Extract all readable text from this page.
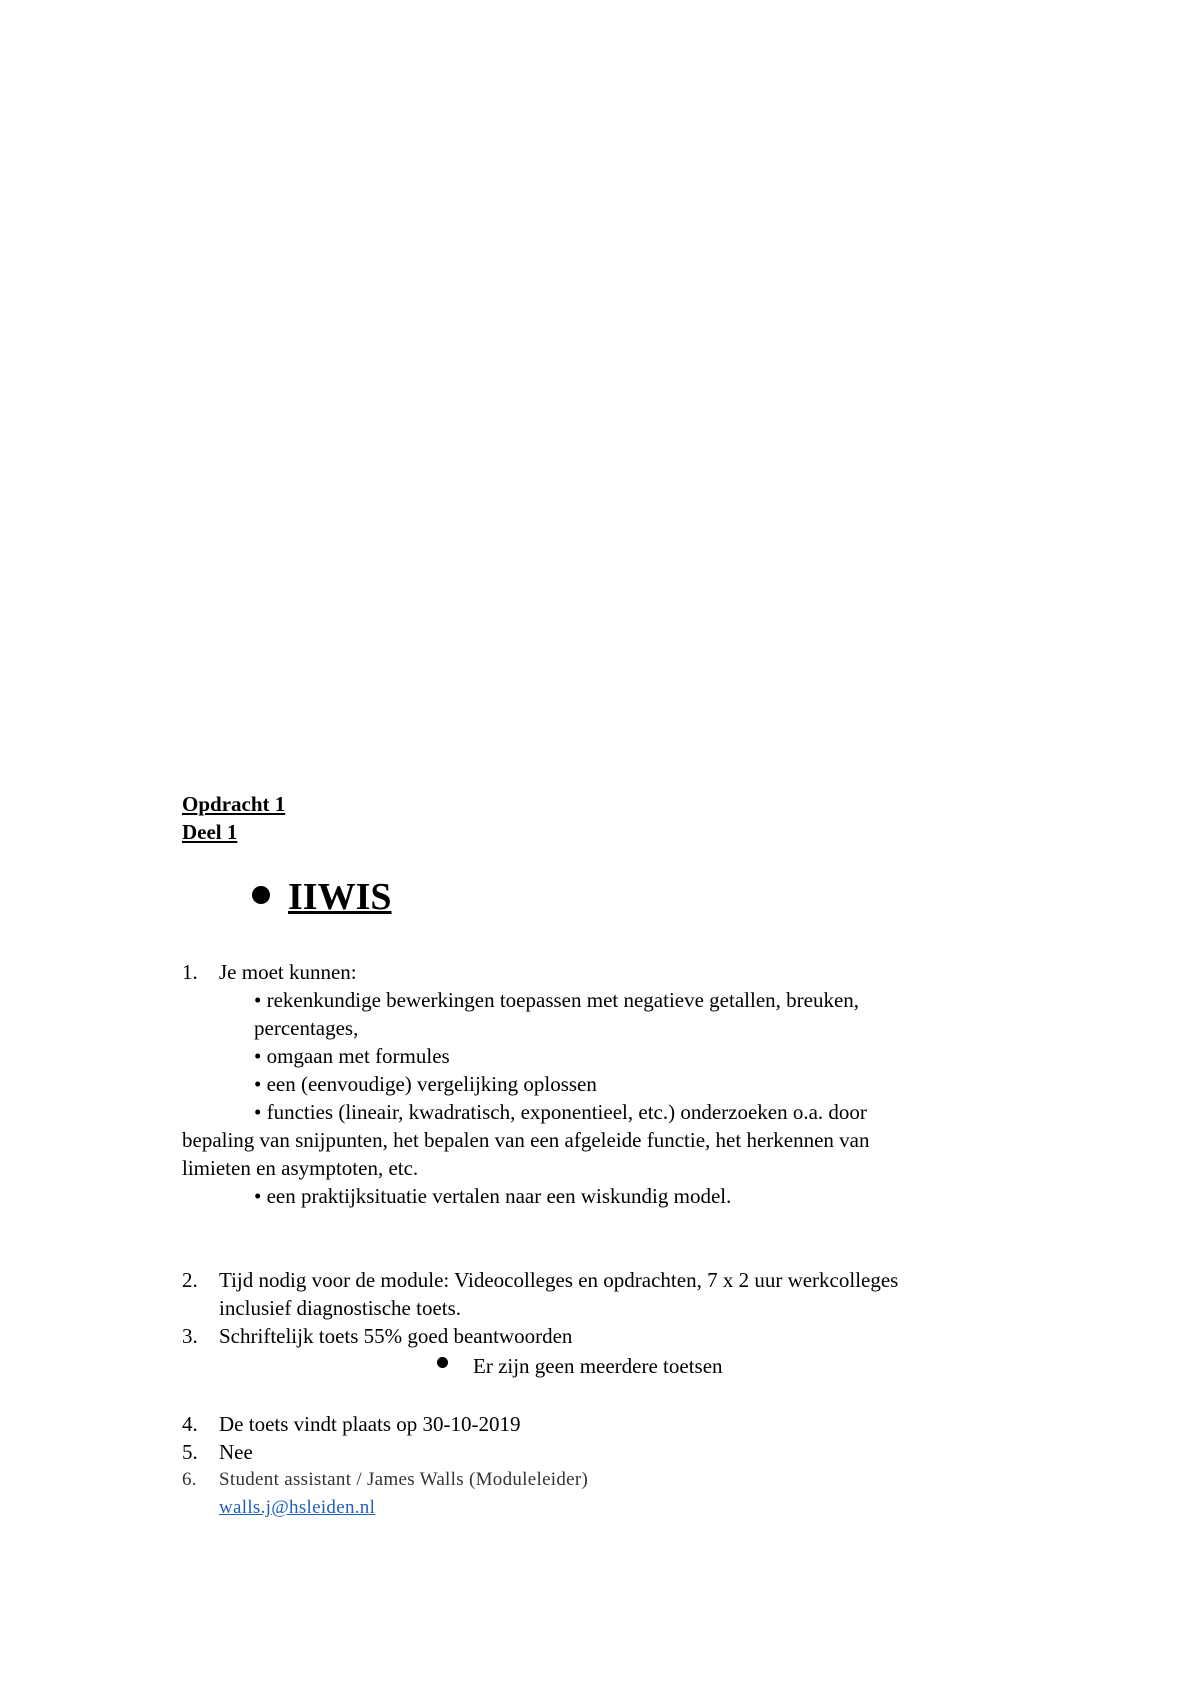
Opdracht 1
Deel 1
IIWIS
1. Je moet kunnen:
• rekenkundige bewerkingen toepassen met negatieve getallen, breuken,
percentages,
• omgaan met formules
• een (eenvoudige) vergelijking oplossen
• functies (lineair, kwadratisch, exponentieel, etc.) onderzoeken o.a. door
bepaling van snijpunten, het bepalen van een afgeleide functie, het herkennen van
limieten en asymptoten, etc.
• een praktijksituatie vertalen naar een wiskundig model.
2. Tijd nodig voor de module: Videocolleges en opdrachten, 7 x 2 uur werkcolleges
inclusief diagnostische toets.
3. Schriftelijk toets 55% goed beantwoorden
Er zijn geen meerdere toetsen
4. De toets vindt plaats op 30-10-2019
5. Nee
6. Student assistant / James Walls (Moduleleider)
walls.j@hsleiden.nl
